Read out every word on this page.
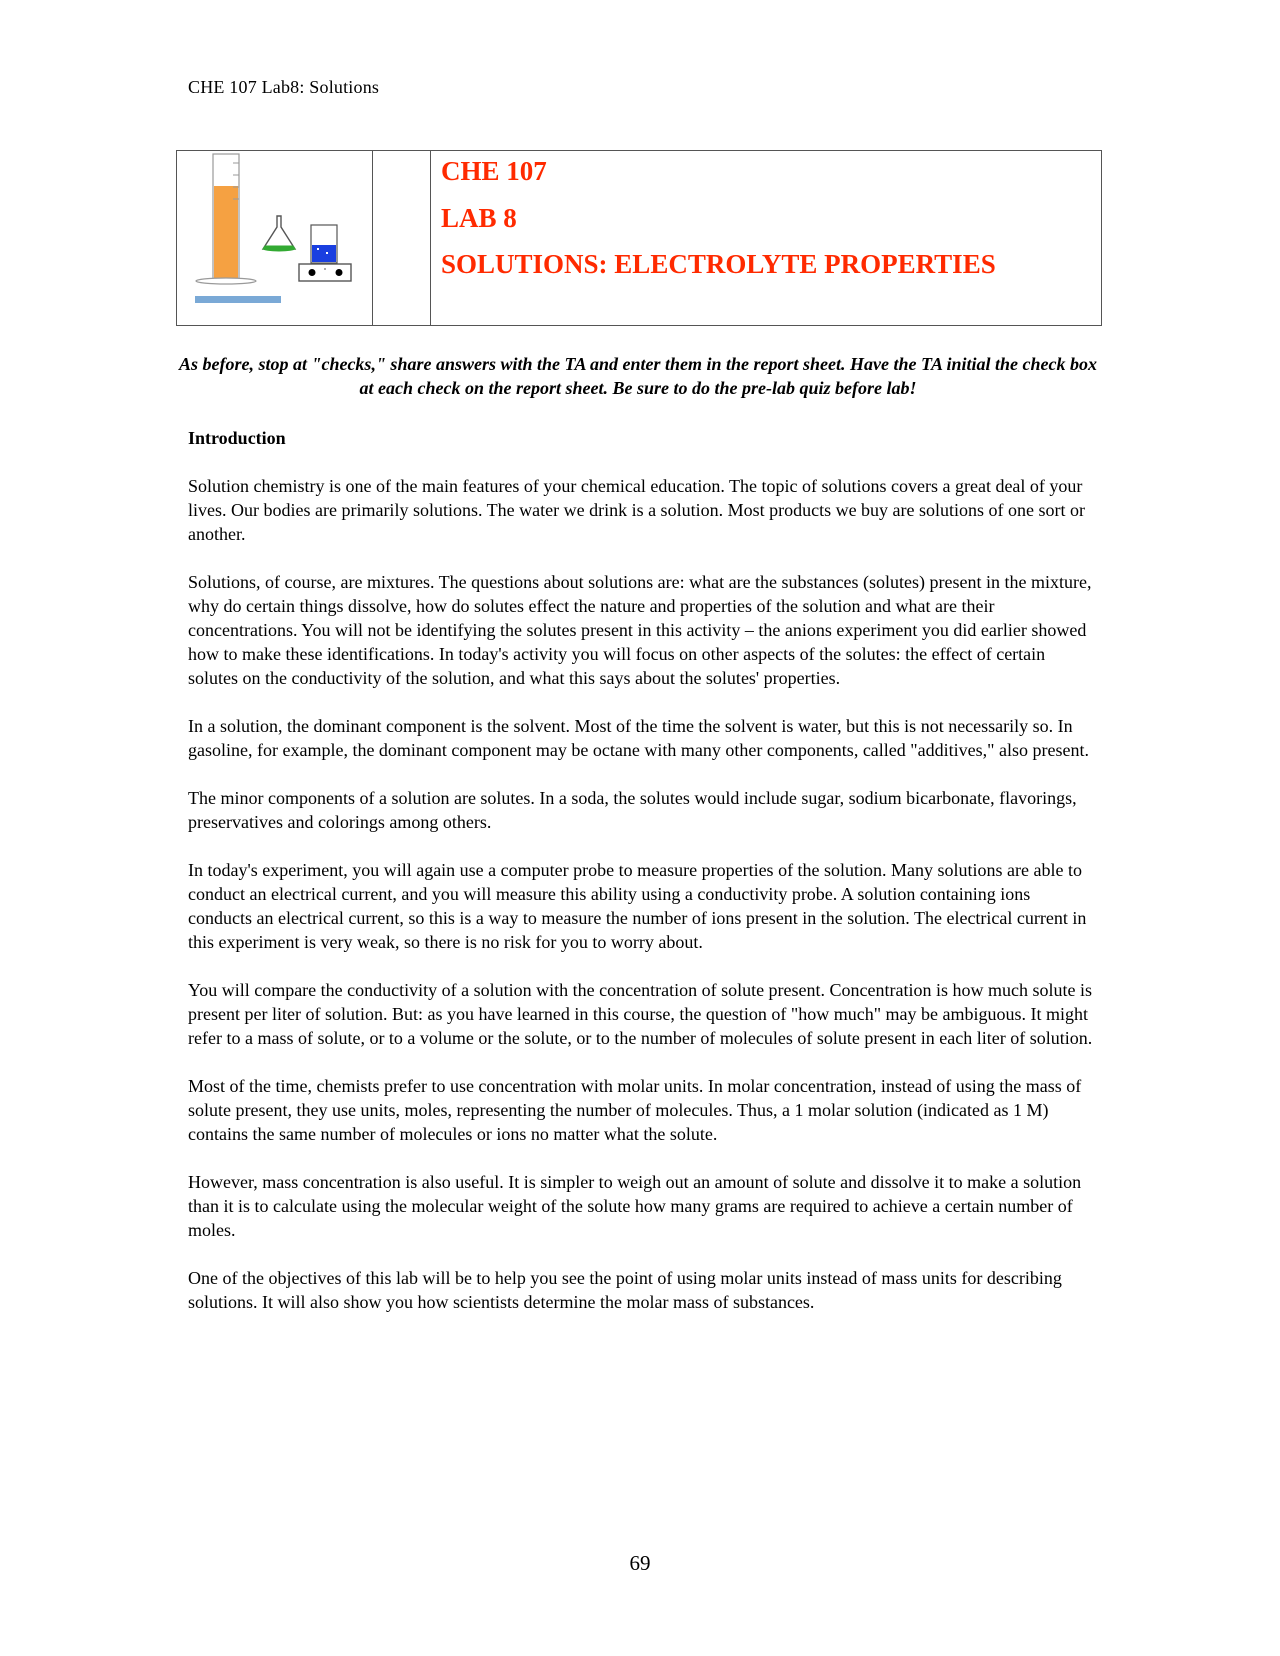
CHE 107 Lab8: Solutions
CHE 107
LAB 8
SOLUTIONS: ELECTROLYTE PROPERTIES
As before, stop at "checks," share answers with the TA and enter them in the report sheet. Have the TA initial the check box at each check on the report sheet. Be sure to do the pre-lab quiz before lab!
Introduction

Solution chemistry is one of the main features of your chemical education. The topic of solutions covers a great deal of your lives. Our bodies are primarily solutions. The water we drink is a solution. Most products we buy are solutions of one sort or another.

Solutions, of course, are mixtures. The questions about solutions are: what are the substances (solutes) present in the mixture, why do certain things dissolve, how do solutes effect the nature and properties of the solution and what are their concentrations. You will not be identifying the solutes present in this activity – the anions experiment you did earlier showed how to make these identifications. In today's activity you will focus on other aspects of the solutes: the effect of certain solutes on the conductivity of the solution, and what this says about the solutes' properties.

In a solution, the dominant component is the solvent. Most of the time the solvent is water, but this is not necessarily so. In gasoline, for example, the dominant component may be octane with many other components, called "additives," also present.

The minor components of a solution are solutes. In a soda, the solutes would include sugar, sodium bicarbonate, flavorings, preservatives and colorings among others.

In today's experiment, you will again use a computer probe to measure properties of the solution. Many solutions are able to conduct an electrical current, and you will measure this ability using a conductivity probe. A solution containing ions conducts an electrical current, so this is a way to measure the number of ions present in the solution. The electrical current in this experiment is very weak, so there is no risk for you to worry about.

You will compare the conductivity of a solution with the concentration of solute present. Concentration is how much solute is present per liter of solution. But: as you have learned in this course, the question of "how much" may be ambiguous. It might refer to a mass of solute, or to a volume or the solute, or to the number of molecules of solute present in each liter of solution.

Most of the time, chemists prefer to use concentration with molar units. In molar concentration, instead of using the mass of solute present, they use units, moles, representing the number of molecules. Thus, a 1 molar solution (indicated as 1 M) contains the same number of molecules or ions no matter what the solute.

However, mass concentration is also useful. It is simpler to weigh out an amount of solute and dissolve it to make a solution than it is to calculate using the molecular weight of the solute how many grams are required to achieve a certain number of moles.

One of the objectives of this lab will be to help you see the point of using molar units instead of mass units for describing solutions. It will also show you how scientists determine the molar mass of substances.

69
